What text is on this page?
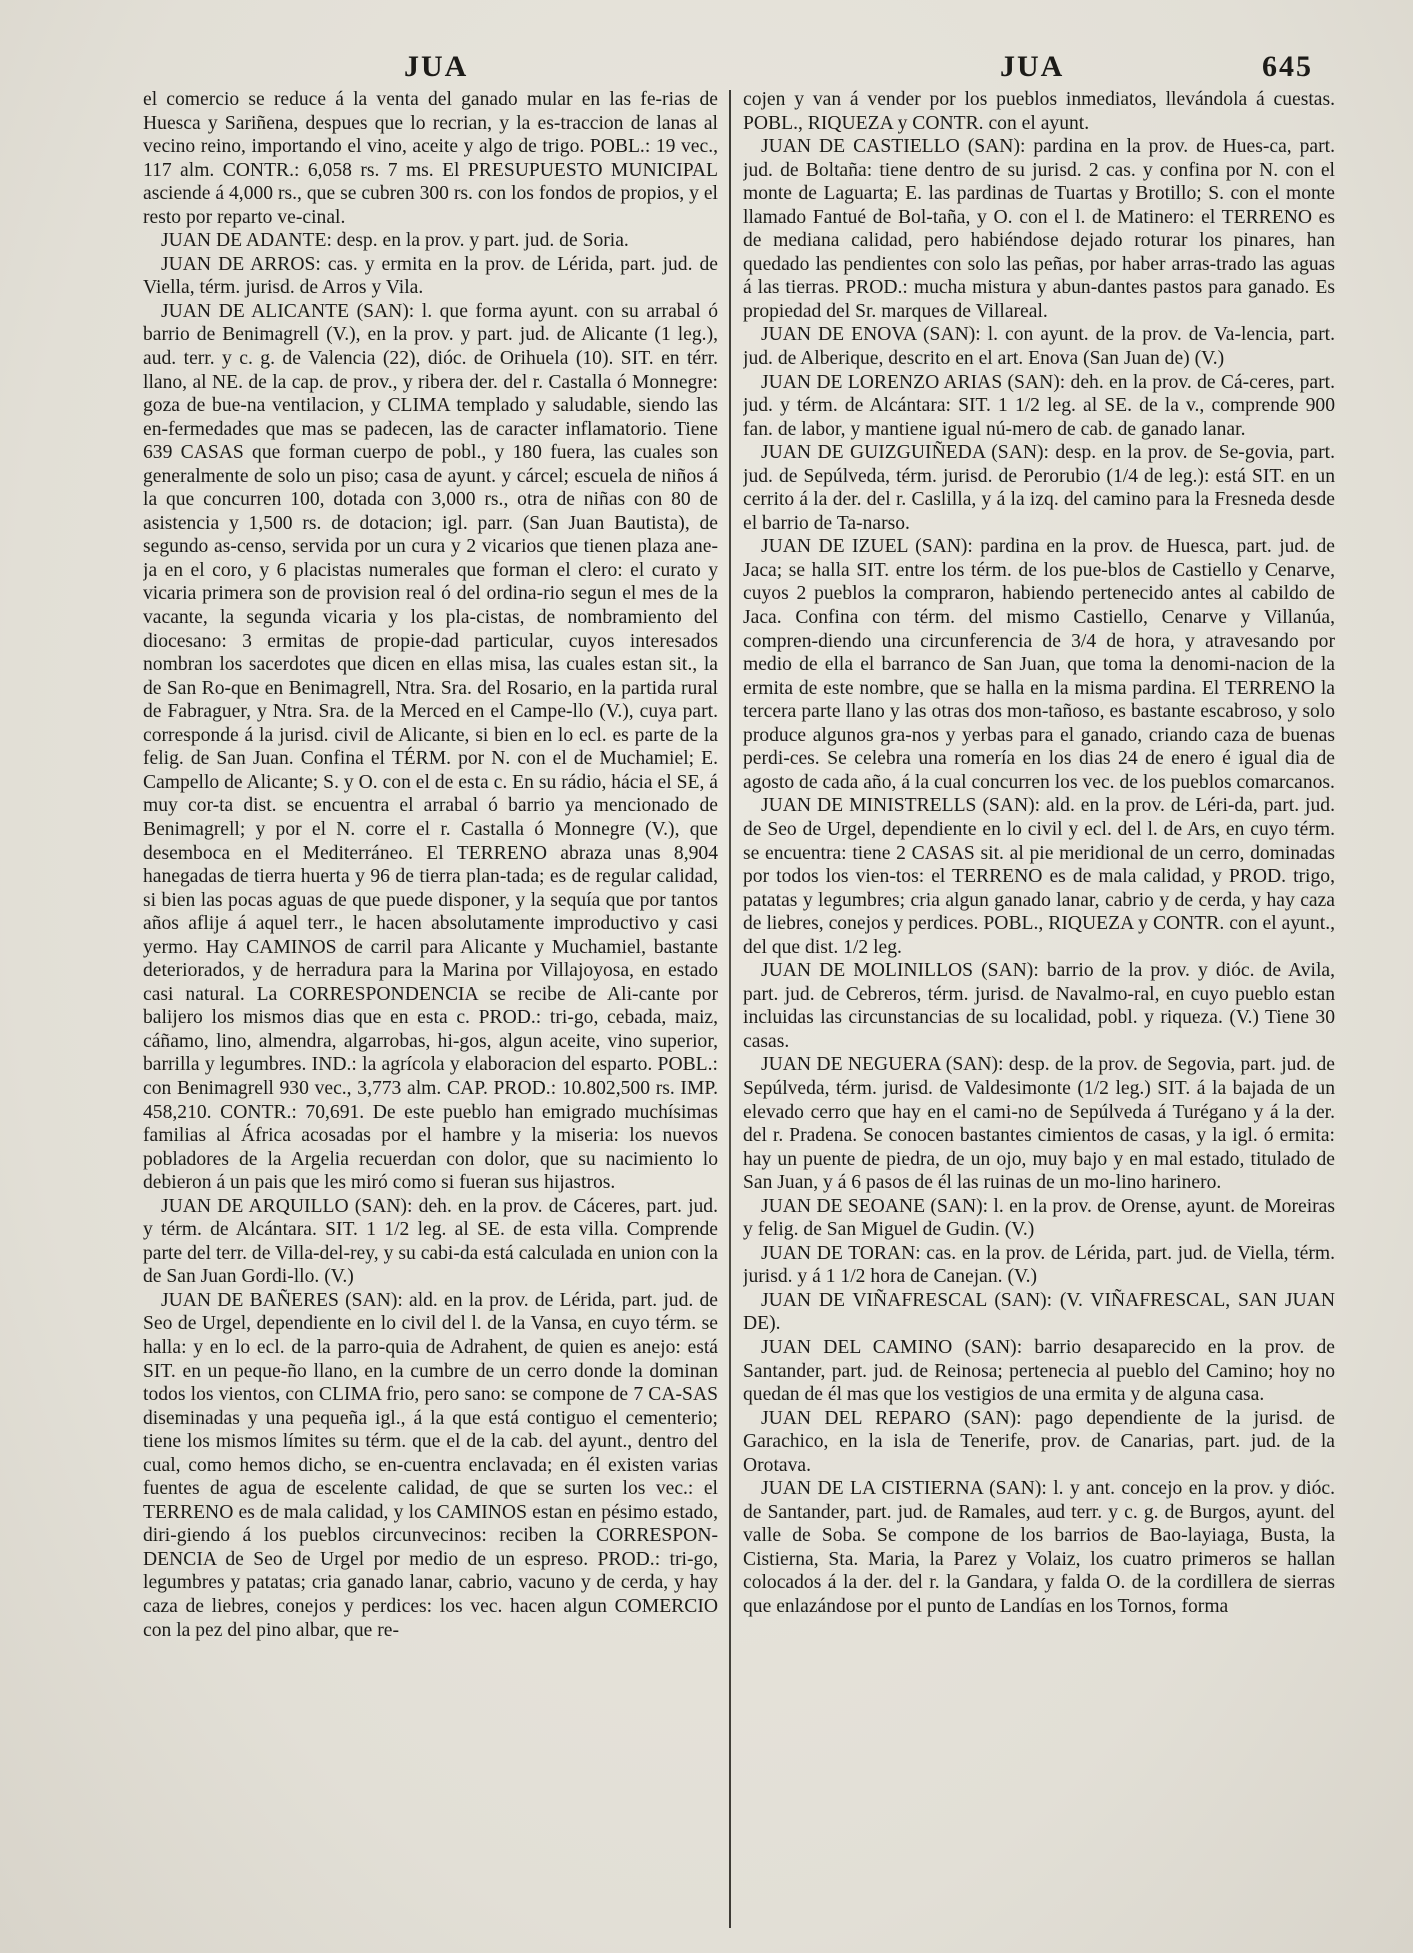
JUA	JUA	645

el comercio se reduce á la venta del ganado mular en las fe-rias de Huesca y Sariñena, despues que lo recrian, y la es-traccion de lanas al vecino reino, importando el vino, aceite y algo de trigo. POBL.: 19 vec., 117 alm. CONTR.: 6,058 rs. 7 ms. El PRESUPUESTO MUNICIPAL asciende á 4,000 rs., que se cubren 300 rs. con los fondos de propios, y el resto por reparto ve-cinal.

JUAN DE ADANTE: desp. en la prov. y part. jud. de Soria.

JUAN DE ARROS: cas. y ermita en la prov. de Lérida, part. jud. de Viella, térm. jurisd. de Arros y Vila.

JUAN DE ALICANTE (SAN): l. que forma ayunt. con su arrabal ó barrio de Benimagrell (V.), en la prov. y part. jud. de Alicante (1 leg.), aud. terr. y c. g. de Valencia (22), dióc. de Orihuela (10). SIT. en térr. llano, al NE. de la cap. de prov., y ribera der. del r. Castalla ó Monnegre: goza de bue-na ventilacion, y CLIMA templado y saludable, siendo las en-fermedades que mas se padecen, las de caracter inflamatorio. Tiene 639 CASAS que forman cuerpo de pobl., y 180 fuera, las cuales son generalmente de solo un piso; casa de ayunt. y cárcel; escuela de niños á la que concurren 100, dotada con 3,000 rs., otra de niñas con 80 de asistencia y 1,500 rs. de dotacion; igl. parr. (San Juan Bautista), de segundo as-censo, servida por un cura y 2 vicarios que tienen plaza ane-ja en el coro, y 6 placistas numerales que forman el clero: el curato y vicaria primera son de provision real ó del ordina-rio segun el mes de la vacante, la segunda vicaria y los pla-cistas, de nombramiento del diocesano: 3 ermitas de propie-dad particular, cuyos interesados nombran los sacerdotes que dicen en ellas misa, las cuales estan sit., la de San Ro-que en Benimagrell, Ntra. Sra. del Rosario, en la partida rural de Fabraguer, y Ntra. Sra. de la Merced en el Campe-llo (V.), cuya part. corresponde á la jurisd. civil de Alicante, si bien en lo ecl. es parte de la felig. de San Juan. Confina el TÉRM. por N. con el de Muchamiel; E. Campello de Alicante; S. y O. con el de esta c. En su rádio, hácia el SE, á muy cor-ta dist. se encuentra el arrabal ó barrio ya mencionado de Benimagrell; y por el N. corre el r. Castalla ó Monnegre (V.), que desemboca en el Mediterráneo. El TERRENO abraza unas 8,904 hanegadas de tierra huerta y 96 de tierra plan-tada; es de regular calidad, si bien las pocas aguas de que puede disponer, y la sequía que por tantos años aflije á aquel terr., le hacen absolutamente improductivo y casi yermo. Hay CAMINOS de carril para Alicante y Muchamiel, bastante deteriorados, y de herradura para la Marina por Villajoyosa, en estado casi natural. La CORRESPONDENCIA se recibe de Ali-cante por balijero los mismos dias que en esta c. PROD.: tri-go, cebada, maiz, cáñamo, lino, almendra, algarrobas, hi-gos, algun aceite, vino superior, barrilla y legumbres. IND.: la agrícola y elaboracion del esparto. POBL.: con Benimagrell 930 vec., 3,773 alm. CAP. PROD.: 10.802,500 rs. IMP. 458,210. CONTR.: 70,691. De este pueblo han emigrado muchísimas familias al África acosadas por el hambre y la miseria: los nuevos pobladores de la Argelia recuerdan con dolor, que su nacimiento lo debieron á un pais que les miró como si fueran sus hijastros.

JUAN DE ARQUILLO (SAN): deh. en la prov. de Cáceres, part. jud. y térm. de Alcántara. SIT. 1 1/2 leg. al SE. de esta villa. Comprende parte del terr. de Villa-del-rey, y su cabi-da está calculada en union con la de San Juan Gordi-llo. (V.)

JUAN DE BAÑERES (SAN): ald. en la prov. de Lérida, part. jud. de Seo de Urgel, dependiente en lo civil del l. de la Vansa, en cuyo térm. se halla: y en lo ecl. de la parro-quia de Adrahent, de quien es anejo: está SIT. en un peque-ño llano, en la cumbre de un cerro donde la dominan todos los vientos, con CLIMA frio, pero sano: se compone de 7 CA-SAS diseminadas y una pequeña igl., á la que está contiguo el cementerio; tiene los mismos límites su térm. que el de la cab. del ayunt., dentro del cual, como hemos dicho, se en-cuentra enclavada; en él existen varias fuentes de agua de escelente calidad, de que se surten los vec.: el TERRENO es de mala calidad, y los CAMINOS estan en pésimo estado, diri-giendo á los pueblos circunvecinos: reciben la CORRESPON-DENCIA de Seo de Urgel por medio de un espreso. PROD.: tri-go, legumbres y patatas; cria ganado lanar, cabrio, vacuno y de cerda, y hay caza de liebres, conejos y perdices: los vec. hacen algun COMERCIO con la pez del pino albar, que re-

cojen y van á vender por los pueblos inmediatos, llevándola á cuestas. POBL., RIQUEZA y CONTR. con el ayunt.

JUAN DE CASTIELLO (SAN): pardina en la prov. de Hues-ca, part. jud. de Boltaña: tiene dentro de su jurisd. 2 cas. y confina por N. con el monte de Laguarta; E. las pardinas de Tuartas y Brotillo; S. con el monte llamado Fantué de Bol-taña, y O. con el l. de Matinero: el TERRENO es de mediana calidad, pero habiéndose dejado roturar los pinares, han quedado las pendientes con solo las peñas, por haber arras-trado las aguas á las tierras. PROD.: mucha mistura y abun-dantes pastos para ganado. Es propiedad del Sr. marques de Villareal.

JUAN DE ENOVA (SAN): l. con ayunt. de la prov. de Va-lencia, part. jud. de Alberique, descrito en el art. Enova (San Juan de) (V.)

JUAN DE LORENZO ARIAS (SAN): deh. en la prov. de Cá-ceres, part. jud. y térm. de Alcántara: SIT. 1 1/2 leg. al SE. de la v., comprende 900 fan. de labor, y mantiene igual nú-mero de cab. de ganado lanar.

JUAN DE GUIZGUIÑEDA (SAN): desp. en la prov. de Se-govia, part. jud. de Sepúlveda, térm. jurisd. de Perorubio (1/4 de leg.): está SIT. en un cerrito á la der. del r. Caslilla, y á la izq. del camino para la Fresneda desde el barrio de Ta-narso.

JUAN DE IZUEL (SAN): pardina en la prov. de Huesca, part. jud. de Jaca; se halla SIT. entre los térm. de los pue-blos de Castiello y Cenarve, cuyos 2 pueblos la compraron, habiendo pertenecido antes al cabildo de Jaca. Confina con térm. del mismo Castiello, Cenarve y Villanúa, compren-diendo una circunferencia de 3/4 de hora, y atravesando por medio de ella el barranco de San Juan, que toma la denomi-nacion de la ermita de este nombre, que se halla en la misma pardina. El TERRENO la tercera parte llano y las otras dos mon-tañoso, es bastante escabroso, y solo produce algunos gra-nos y yerbas para el ganado, criando caza de buenas perdi-ces. Se celebra una romería en los dias 24 de enero é igual dia de agosto de cada año, á la cual concurren los vec. de los pueblos comarcanos.

JUAN DE MINISTRELLS (SAN): ald. en la prov. de Léri-da, part. jud. de Seo de Urgel, dependiente en lo civil y ecl. del l. de Ars, en cuyo térm. se encuentra: tiene 2 CASAS sit. al pie meridional de un cerro, dominadas por todos los vien-tos: el TERRENO es de mala calidad, y PROD. trigo, patatas y legumbres; cria algun ganado lanar, cabrio y de cerda, y hay caza de liebres, conejos y perdices. POBL., RIQUEZA y CONTR. con el ayunt., del que dist. 1/2 leg.

JUAN DE MOLINILLOS (SAN): barrio de la prov. y dióc. de Avila, part. jud. de Cebreros, térm. jurisd. de Navalmo-ral, en cuyo pueblo estan incluidas las circunstancias de su localidad, pobl. y riqueza. (V.) Tiene 30 casas.

JUAN DE NEGUERA (SAN): desp. de la prov. de Segovia, part. jud. de Sepúlveda, térm. jurisd. de Valdesimonte (1/2 leg.) SIT. á la bajada de un elevado cerro que hay en el cami-no de Sepúlveda á Turégano y á la der. del r. Pradena. Se conocen bastantes cimientos de casas, y la igl. ó ermita: hay un puente de piedra, de un ojo, muy bajo y en mal estado, titulado de San Juan, y á 6 pasos de él las ruinas de un mo-lino harinero.

JUAN DE SEOANE (SAN): l. en la prov. de Orense, ayunt. de Moreiras y felig. de San Miguel de Gudin. (V.)

JUAN DE TORAN: cas. en la prov. de Lérida, part. jud. de Viella, térm. jurisd. y á 1 1/2 hora de Canejan. (V.)

JUAN DE VIÑAFRESCAL (SAN): (V. VIÑAFRESCAL, SAN JUAN DE).

JUAN DEL CAMINO (SAN): barrio desaparecido en la prov. de Santander, part. jud. de Reinosa; pertenecia al pueblo del Camino; hoy no quedan de él mas que los vestigios de una ermita y de alguna casa.

JUAN DEL REPARO (SAN): pago dependiente de la jurisd. de Garachico, en la isla de Tenerife, prov. de Canarias, part. jud. de la Orotava.

JUAN DE LA CISTIERNA (SAN): l. y ant. concejo en la prov. y dióc. de Santander, part. jud. de Ramales, aud terr. y c. g. de Burgos, ayunt. del valle de Soba. Se compone de los barrios de Bao-layiaga, Busta, la Cistierna, Sta. Maria, la Parez y Volaiz, los cuatro primeros se hallan colocados á la der. del r. la Gandara, y falda O. de la cordillera de sierras que enlazándose por el punto de Landías en los Tornos, forma
